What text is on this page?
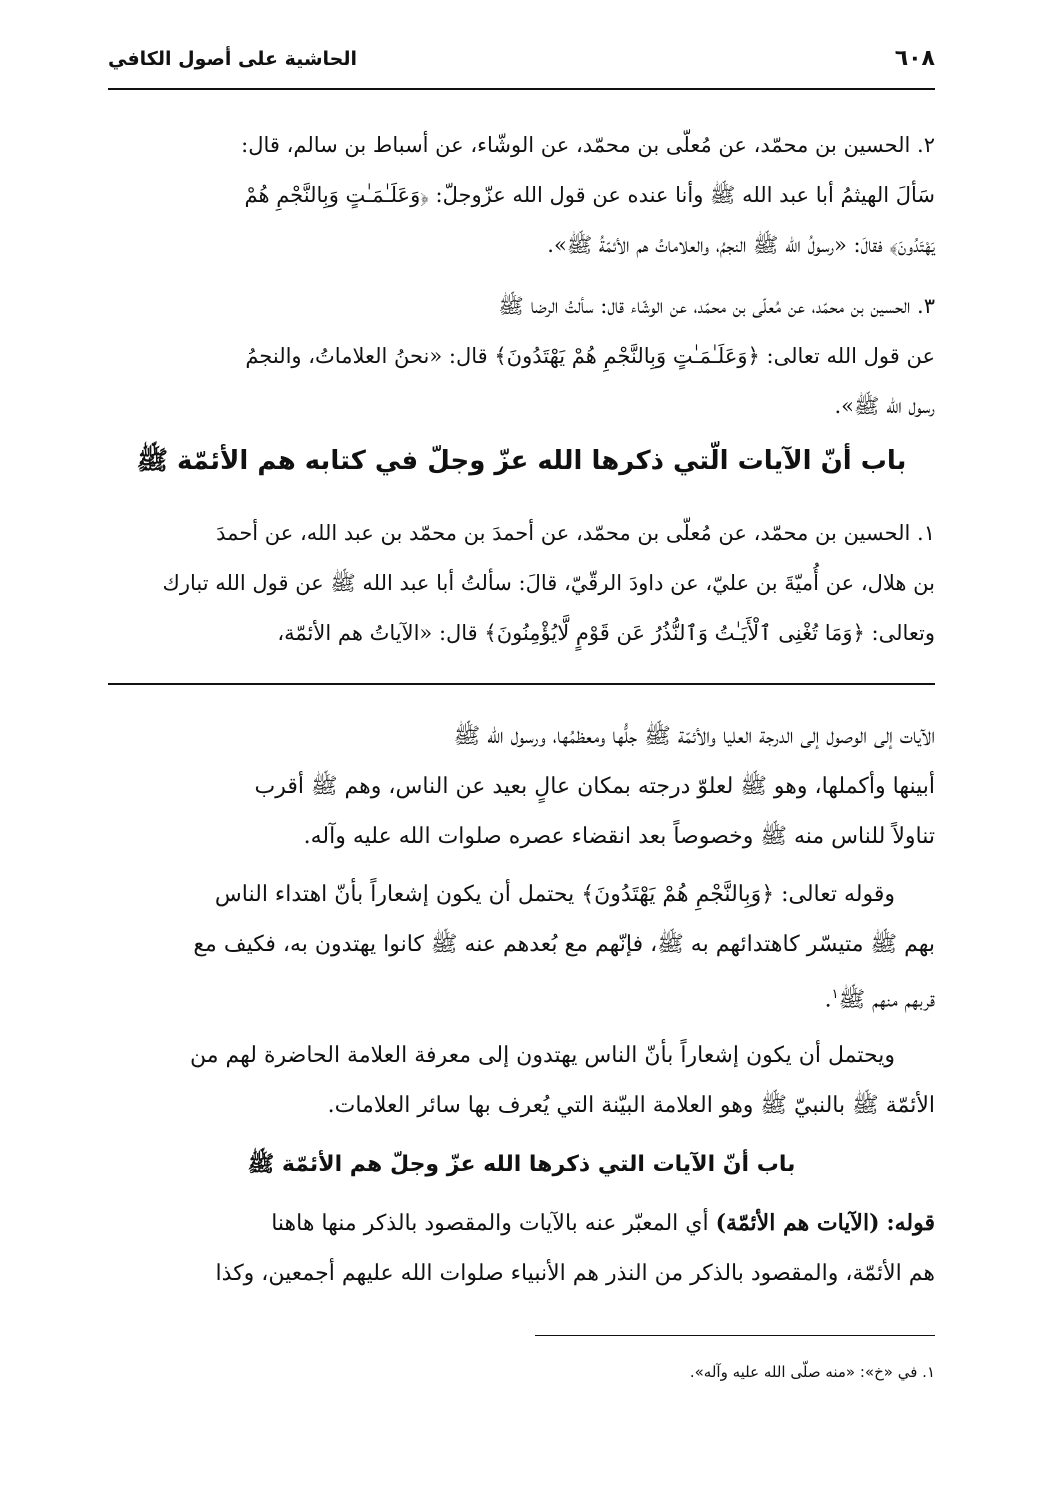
٦٠٨
الحاشية على أصول الكافي
٢. الحسين بن محمّد، عن مُعلّى بن محمّد، عن الوشّاء، عن أسباط بن سالم، قال:
سَألَ الهيثمُ أبا عبد الله ﷺ وأنا عنده عن قول الله عزّوجلّ: ﴿وَعَلَـٰمَـٰتٍ وَبِالنَّجْمِ هُمْ
يَهْتَدُونَ﴾ فقالَ: «رسولُ الله ﷺ النجمُ، والعلاماتُ هم الأئمّةُ ﷺ».
٣. الحسين بن محمّد، عن مُعلّى بن محمّد، عن الوشّاء قال: سألتُ الرضا ﷺ
عن قول الله تعالى: ﴿وَعَلَـٰمَـٰتٍ وَبِالنَّجْمِ هُمْ يَهْتَدُونَ﴾ قال: «نحنُ العلاماتُ، والنجمُ
رسول الله ﷺ».
باب أنّ الآيات الّتي ذكرها الله عزّ وجلّ في كتابه هم الأئمّة ﷺ
١. الحسين بن محمّد، عن مُعلّى بن محمّد، عن أحمدَ بن محمّد بن عبد الله، عن أحمدَ
بن هلال، عن أُميّةَ بن عليّ، عن داودَ الرقّيّ، قالَ: سألتُ أبا عبد الله ﷺ عن قول الله تبارك
وتعالى: ﴿وَمَا تُغْنِى ٱلْأَيَـٰتُ وَٱلنُّذُرُ عَن قَوْمٍ لَّايُؤْمِنُونَ﴾ قال: «الآياتُ هم الأئمّة،
الآيات إلى الوصول إلى الدرجة العليا والأئمّة ﷺ جلُّها ومعظمُها، ورسول الله ﷺ
أبينها وأكملها، وهو ﷺ لعلوّ درجته بمكان عالٍ بعيد عن الناس، وهم ﷺ أقرب
تناولاً للناس منه ﷺ وخصوصاً بعد انقضاء عصره صلوات الله عليه وآله.
وقوله تعالى: ﴿وَبِالنَّجْمِ هُمْ يَهْتَدُونَ﴾ يحتمل أن يكون إشعاراً بأنّ اهتداء الناس
بهم ﷺ متيسّر كاهتدائهم به ﷺ، فإنّهم مع بُعدهم عنه ﷺ كانوا يهتدون به، فكيف مع
قربهم منهم ﷺ$^١$.
ويحتمل أن يكون إشعاراً بأنّ الناس يهتدون إلى معرفة العلامة الحاضرة لهم من
الأئمّة ﷺ بالنبيّ ﷺ وهو العلامة البيّنة التي يُعرف بها سائر العلامات.
باب أنّ الآيات التي ذكرها الله عزّ وجلّ هم الأئمّة ﷺ
قوله: (الآيات هم الأئمّة) أي المعبّر عنه بالآيات والمقصود بالذكر منها هاهنا
هم الأئمّة، والمقصود بالذكر من النذر هم الأنبياء صلوات الله عليهم أجمعين، وكذا
١. في «خ»: «منه صلّى الله عليه وآله».
